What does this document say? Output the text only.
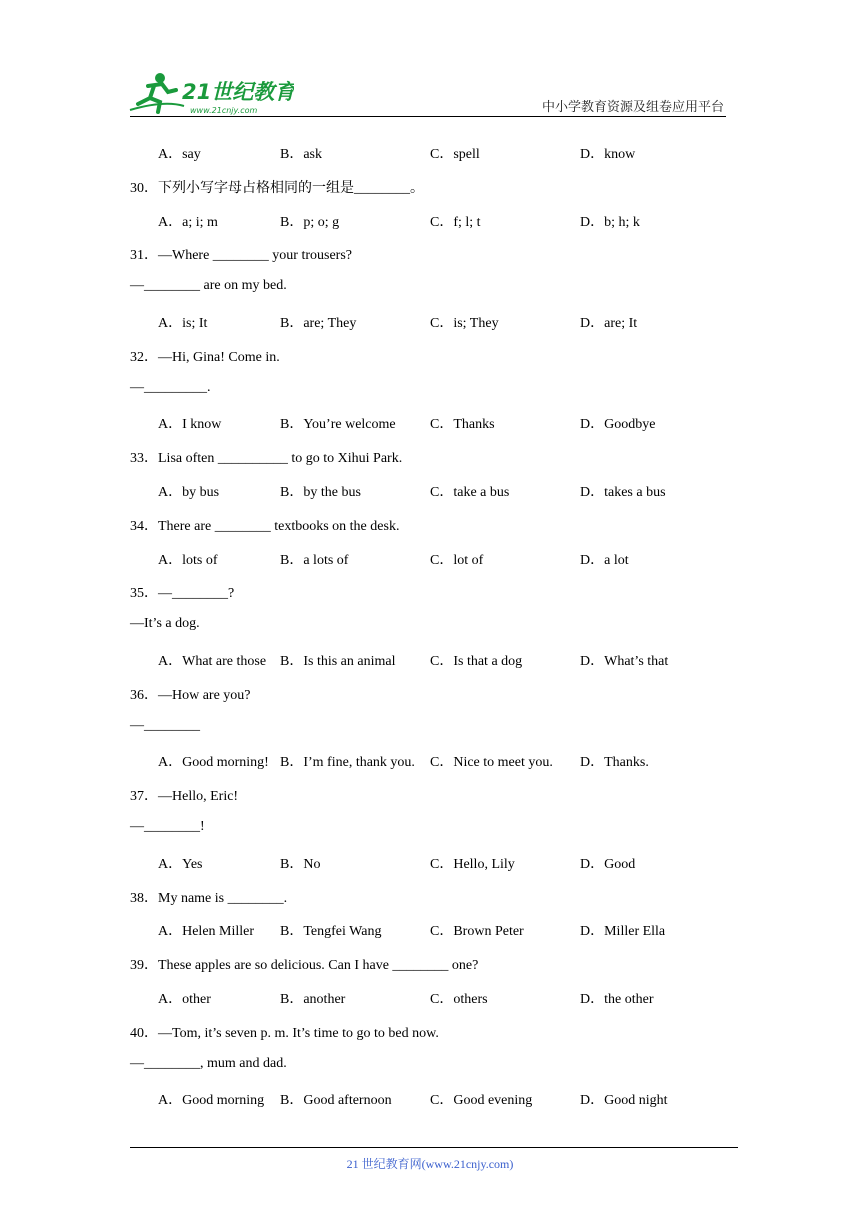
21世纪教育
www.21cnjy.com	中小学教育资源及组卷应用平台
A．say	B．ask	C．spell	D．know
30．下列小写字母占格相同的一组是________。
A．a; i; m	B．p; o; g	C．f; l; t	D．b; h; k
31．—Where ________ your trousers?
—________ are on my bed.
A．is; It	B．are; They	C．is; They	D．are; It
32．—Hi, Gina! Come in.
—_________.
A．I know	B．You’re welcome C．Thanks	D．Goodbye
33．Lisa often __________ to go to Xihui Park.
A．by bus	B．by the bus	C．take a bus	D．takes a bus
34．There are ________ textbooks on the desk.
A．lots of	B．a lots of	C．lot of	D．a lot
35．—________?
—It’s a dog.
A．What are those B．Is this an animal C．Is that a dog	D．What’s that
36．—How are you?
—________
A．Good morning! B．I’m fine, thank you. C．Nice to meet you. D．Thanks.
37．—Hello, Eric!
—________!
A．Yes	B．No	C．Hello, Lily	D．Good
38．My name is ________.
A．Helen Miller B．Tengfei Wang	C．Brown Peter	D．Miller Ella
39．These apples are so delicious. Can I have ________ one?
A．other	B．another	C．others	D．the other
40．—Tom, it’s seven p. m. It’s time to go to bed now.
—________, mum and dad.
A．Good morning B．Good afternoon	C．Good evening	D．Good night
21 世纪教育网(www.21cnjy.com)
